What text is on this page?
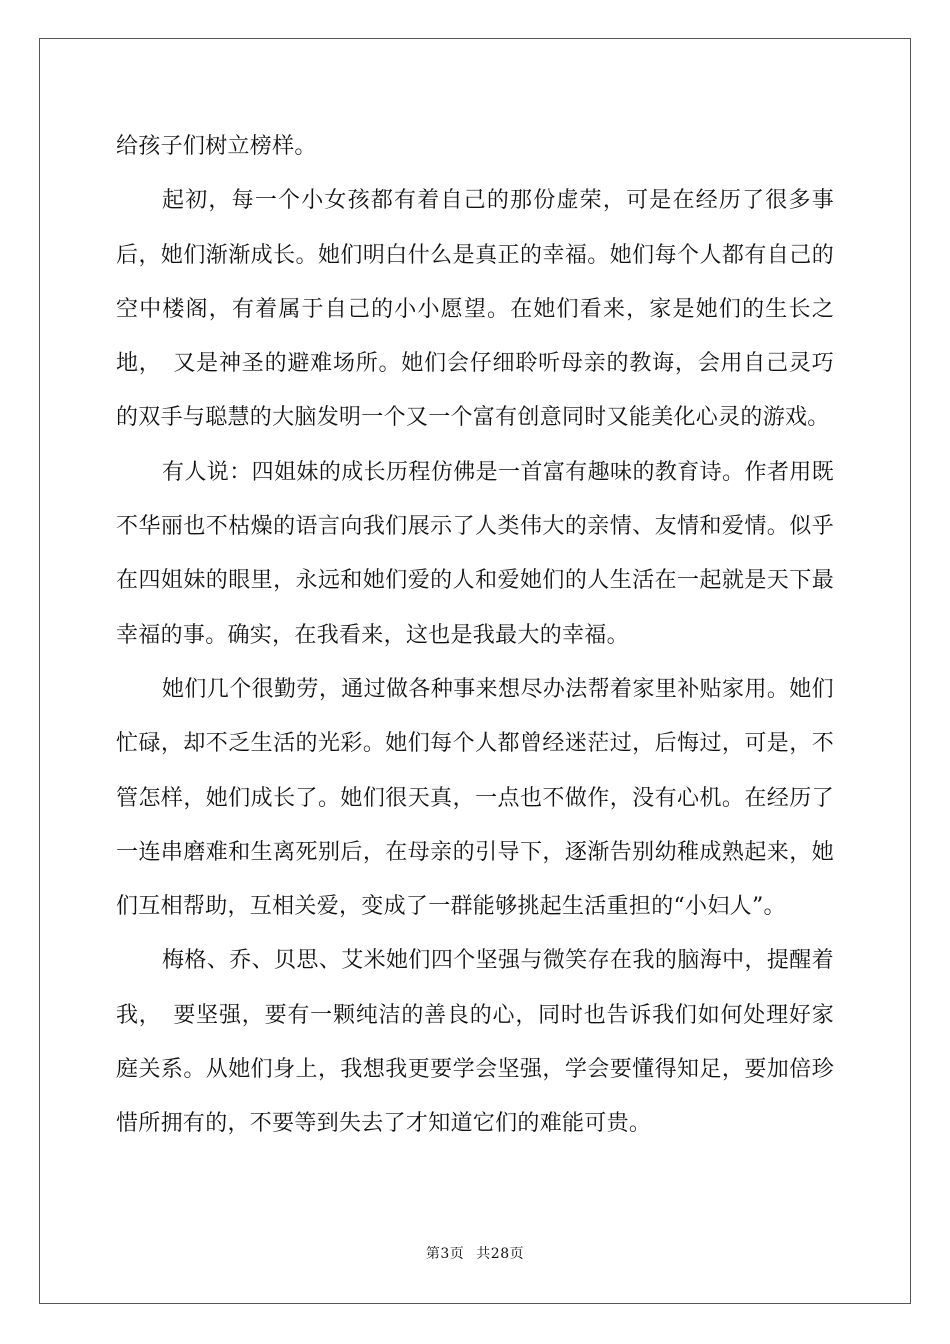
给孩子们树立榜样。

起初，每一个小女孩都有着自己的那份虚荣，可是在经历了很多事后，她们渐渐成长。她们明白什么是真正的幸福。她们每个人都有自己的空中楼阁，有着属于自己的小小愿望。在她们看来，家是她们的生长之地，　又是神圣的避难场所。她们会仔细聆听母亲的教诲，会用自己灵巧的双手与聪慧的大脑发明一个又一个富有创意同时又能美化心灵的游戏。

有人说：四姐妹的成长历程仿佛是一首富有趣味的教育诗。作者用既不华丽也不枯燥的语言向我们展示了人类伟大的亲情、友情和爱情。似乎在四姐妹的眼里，永远和她们爱的人和爱她们的人生活在一起就是天下最幸福的事。确实，在我看来，这也是我最大的幸福。

她们几个很勤劳，通过做各种事来想尽办法帮着家里补贴家用。她们忙碌，却不乏生活的光彩。她们每个人都曾经迷茫过，后悔过，可是，不管怎样，她们成长了。她们很天真，一点也不做作，没有心机。在经历了一连串磨难和生离死别后，在母亲的引导下，逐渐告别幼稚成熟起来，她们互相帮助，互相关爱，变成了一群能够挑起生活重担的“小妇人”。

梅格、乔、贝思、艾米她们四个坚强与微笑存在我的脑海中，提醒着我，　要坚强，要有一颗纯洁的善良的心，同时也告诉我们如何处理好家庭关系。从她们身上，我想我更要学会坚强，学会要懂得知足，要加倍珍惜所拥有的，不要等到失去了才知道它们的难能可贵。

第3页 共28页
